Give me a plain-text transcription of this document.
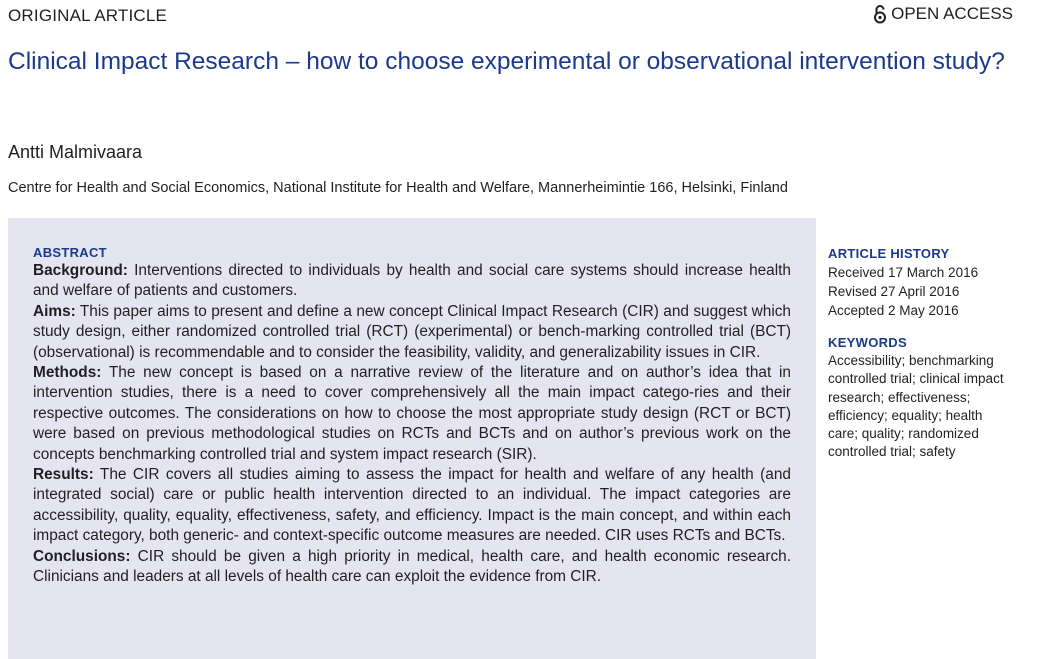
ORIGINAL ARTICLE	OPEN ACCESS
Clinical Impact Research – how to choose experimental or observational intervention study?
Antti Malmivaara
Centre for Health and Social Economics, National Institute for Health and Welfare, Mannerheimintie 166, Helsinki, Finland
ABSTRACT

Background: Interventions directed to individuals by health and social care systems should increase health and welfare of patients and customers.

Aims: This paper aims to present and define a new concept Clinical Impact Research (CIR) and suggest which study design, either randomized controlled trial (RCT) (experimental) or bench-marking controlled trial (BCT) (observational) is recommendable and to consider the feasibility, validity, and generalizability issues in CIR.

Methods: The new concept is based on a narrative review of the literature and on author’s idea that in intervention studies, there is a need to cover comprehensively all the main impact catego-ries and their respective outcomes. The considerations on how to choose the most appropriate study design (RCT or BCT) were based on previous methodological studies on RCTs and BCTs and on author’s previous work on the concepts benchmarking controlled trial and system impact research (SIR).

Results: The CIR covers all studies aiming to assess the impact for health and welfare of any health (and integrated social) care or public health intervention directed to an individual. The impact categories are accessibility, quality, equality, effectiveness, safety, and efficiency. Impact is the main concept, and within each impact category, both generic- and context-specific outcome measures are needed. CIR uses RCTs and BCTs.

Conclusions: CIR should be given a high priority in medical, health care, and health economic research. Clinicians and leaders at all levels of health care can exploit the evidence from CIR.

ARTICLE HISTORY
Received 17 March 2016
Revised 27 April 2016
Accepted 2 May 2016
KEYWORDS
Accessibility; benchmarking controlled trial; clinical impact research; effectiveness; efficiency; equality; health care; quality; randomized controlled trial; safety
